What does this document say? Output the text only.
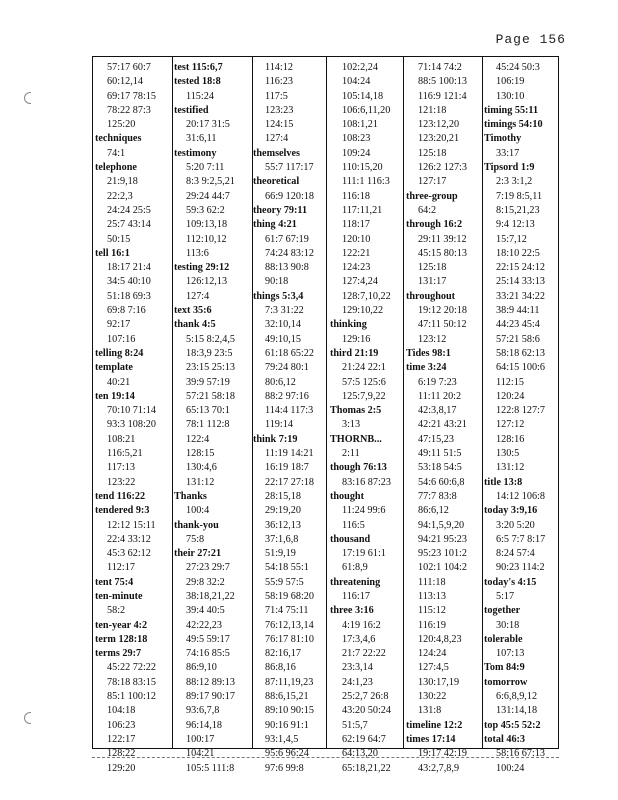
Page 156
57:17 60:7
60:12,14
69:17 78:15
78:22 87:3
125:20
techniques
74:1
telephone
21:9,18
22:2,3
24:24 25:5
25:7 43:14
50:15
tell 16:1
18:17 21:4
34:5 40:10
51:18 69:3
69:8 7:16
92:17
107:16
telling 8:24
template
40:21
ten 19:14
70:10 71:14
93:3 108:20
108:21
116:5,21
117:13
123:22
tend 116:22
tendered 9:3
12:12 15:11
22:4 33:12
45:3 62:12
112:17
tent 75:4
ten-minute
58:2
ten-year 4:2
term 128:18
terms 29:7
45:22 72:22
78:18 83:15
85:1 100:12
104:18
106:23
122:17
128:22
129:20
test 115:6,7
tested 18:8
115:24
testified
20:17 31:5
31:6,11
testimony
5:20 7:11
8:3 9:2,5,21
29:24 44:7
59:3 62:2
109:13,18
112:10,12
113:6
testing 29:12
126:12,13
127:4
text 35:6
thank 4:5
5:15 8:2,4,5
18:3,9 23:5
23:15 25:13
39:9 57:19
57:21 58:18
65:13 70:1
78:1 112:8
122:4
128:15
130:4,6
131:12
Thanks
100:4
thank-you
75:8
their 27:21
27:23 29:7
29:8 32:2
38:18,21,22
39:4 40:5
42:22,23
49:5 59:17
74:16 85:5
86:9,10
88:12 89:13
89:17 90:17
93:6,7,8
96:14,18
100:17
104:21
105:5 111:8
114:12
116:23
117:5
123:23
124:15
127:4
themselves
55:7 117:17
theoretical
66:9 120:18
theory 79:11
thing 4:21
61:7 67:19
74:24 83:12
88:13 90:8
90:18
things 5:3,4
7:3 31:22
32:10,14
49:10,15
61:18 65:22
79:24 80:1
80:6,12
88:2 97:16
114:4 117:3
119:14
think 7:19
11:19 14:21
16:19 18:7
22:17 27:18
28:15,18
29:19,20
36:12,13
37:1,6,8
51:9,19
54:18 55:1
55:9 57:5
58:19 68:20
71:4 75:11
76:12,13,14
76:17 81:10
82:16,17
86:8,16
87:11,19,23
88:6,15,21
89:10 90:15
90:16 91:1
93:1,4,5
95:6 96:24
97:6 99:8
102:2,24
104:24
105:14,18
106:6,11,20
108:1,21
108:23
109:24
110:15,20
111:1 116:3
116:18
117:11,21
118:17
120:10
122:21
124:23
127:4,24
128:7,10,22
129:10,22
thinking
129:16
third 21:19
21:24 22:1
57:5 125:6
125:7,9,22
Thomas 2:5
3:13
THORNB...
2:11
though 76:13
83:16 87:23
thought
11:24 99:6
116:5
thousand
17:19 61:1
61:8,9
threatening
116:17
three 3:16
4:19 16:2
17:3,4,6
21:7 22:22
23:3,14
24:1,23
25:2,7 26:8
43:20 50:24
51:5,7
62:19 64:7
64:13,20
65:18,21,22
71:14 74:2
88:5 100:13
116:9 121:4
121:18
123:12,20
123:20,21
125:18
126:2 127:3
127:17
three-group
64:2
through 16:2
29:11 39:12
45:15 80:13
125:18
131:17
throughout
19:12 20:18
47:11 50:12
123:12
Tides 98:1
time 3:24
6:19 7:23
11:11 20:2
42:3,8,17
42:21 43:21
47:15,23
49:11 51:5
53:18 54:5
54:6 60:6,8
77:7 83:8
86:6,12
94:1,5,9,20
94:21 95:23
95:23 101:2
102:1 104:2
111:18
113:13
115:12
116:19
120:4,8,23
124:24
127:4,5
130:17,19
130:22
131:8
timeline 12:2
times 17:14
19:17 42:19
43:2,7,8,9
45:24 50:3
106:19
130:10
timing 55:11
timings 54:10
Timothy
33:17
Tipsord 1:9
2:3 3:1,2
7:19 8:5,11
8:15,21,23
9:4 12:13
15:7,12
18:10 22:5
22:15 24:12
25:14 33:13
33:21 34:22
38:9 44:11
44:23 45:4
57:21 58:6
58:18 62:13
64:15 100:6
112:15
120:24
122:8 127:7
127:12
128:16
130:5
131:12
title 13:8
14:12 106:8
today 3:9,16
3:20 5:20
6:5 7:7 8:17
8:24 57:4
90:23 114:2
today's 4:15
5:17
together
30:18
tolerable
107:13
Tom 84:9
tomorrow
6:6,8,9,12
131:14,18
top 45:5 52:2
total 46:3
58:16 67:13
100:24
